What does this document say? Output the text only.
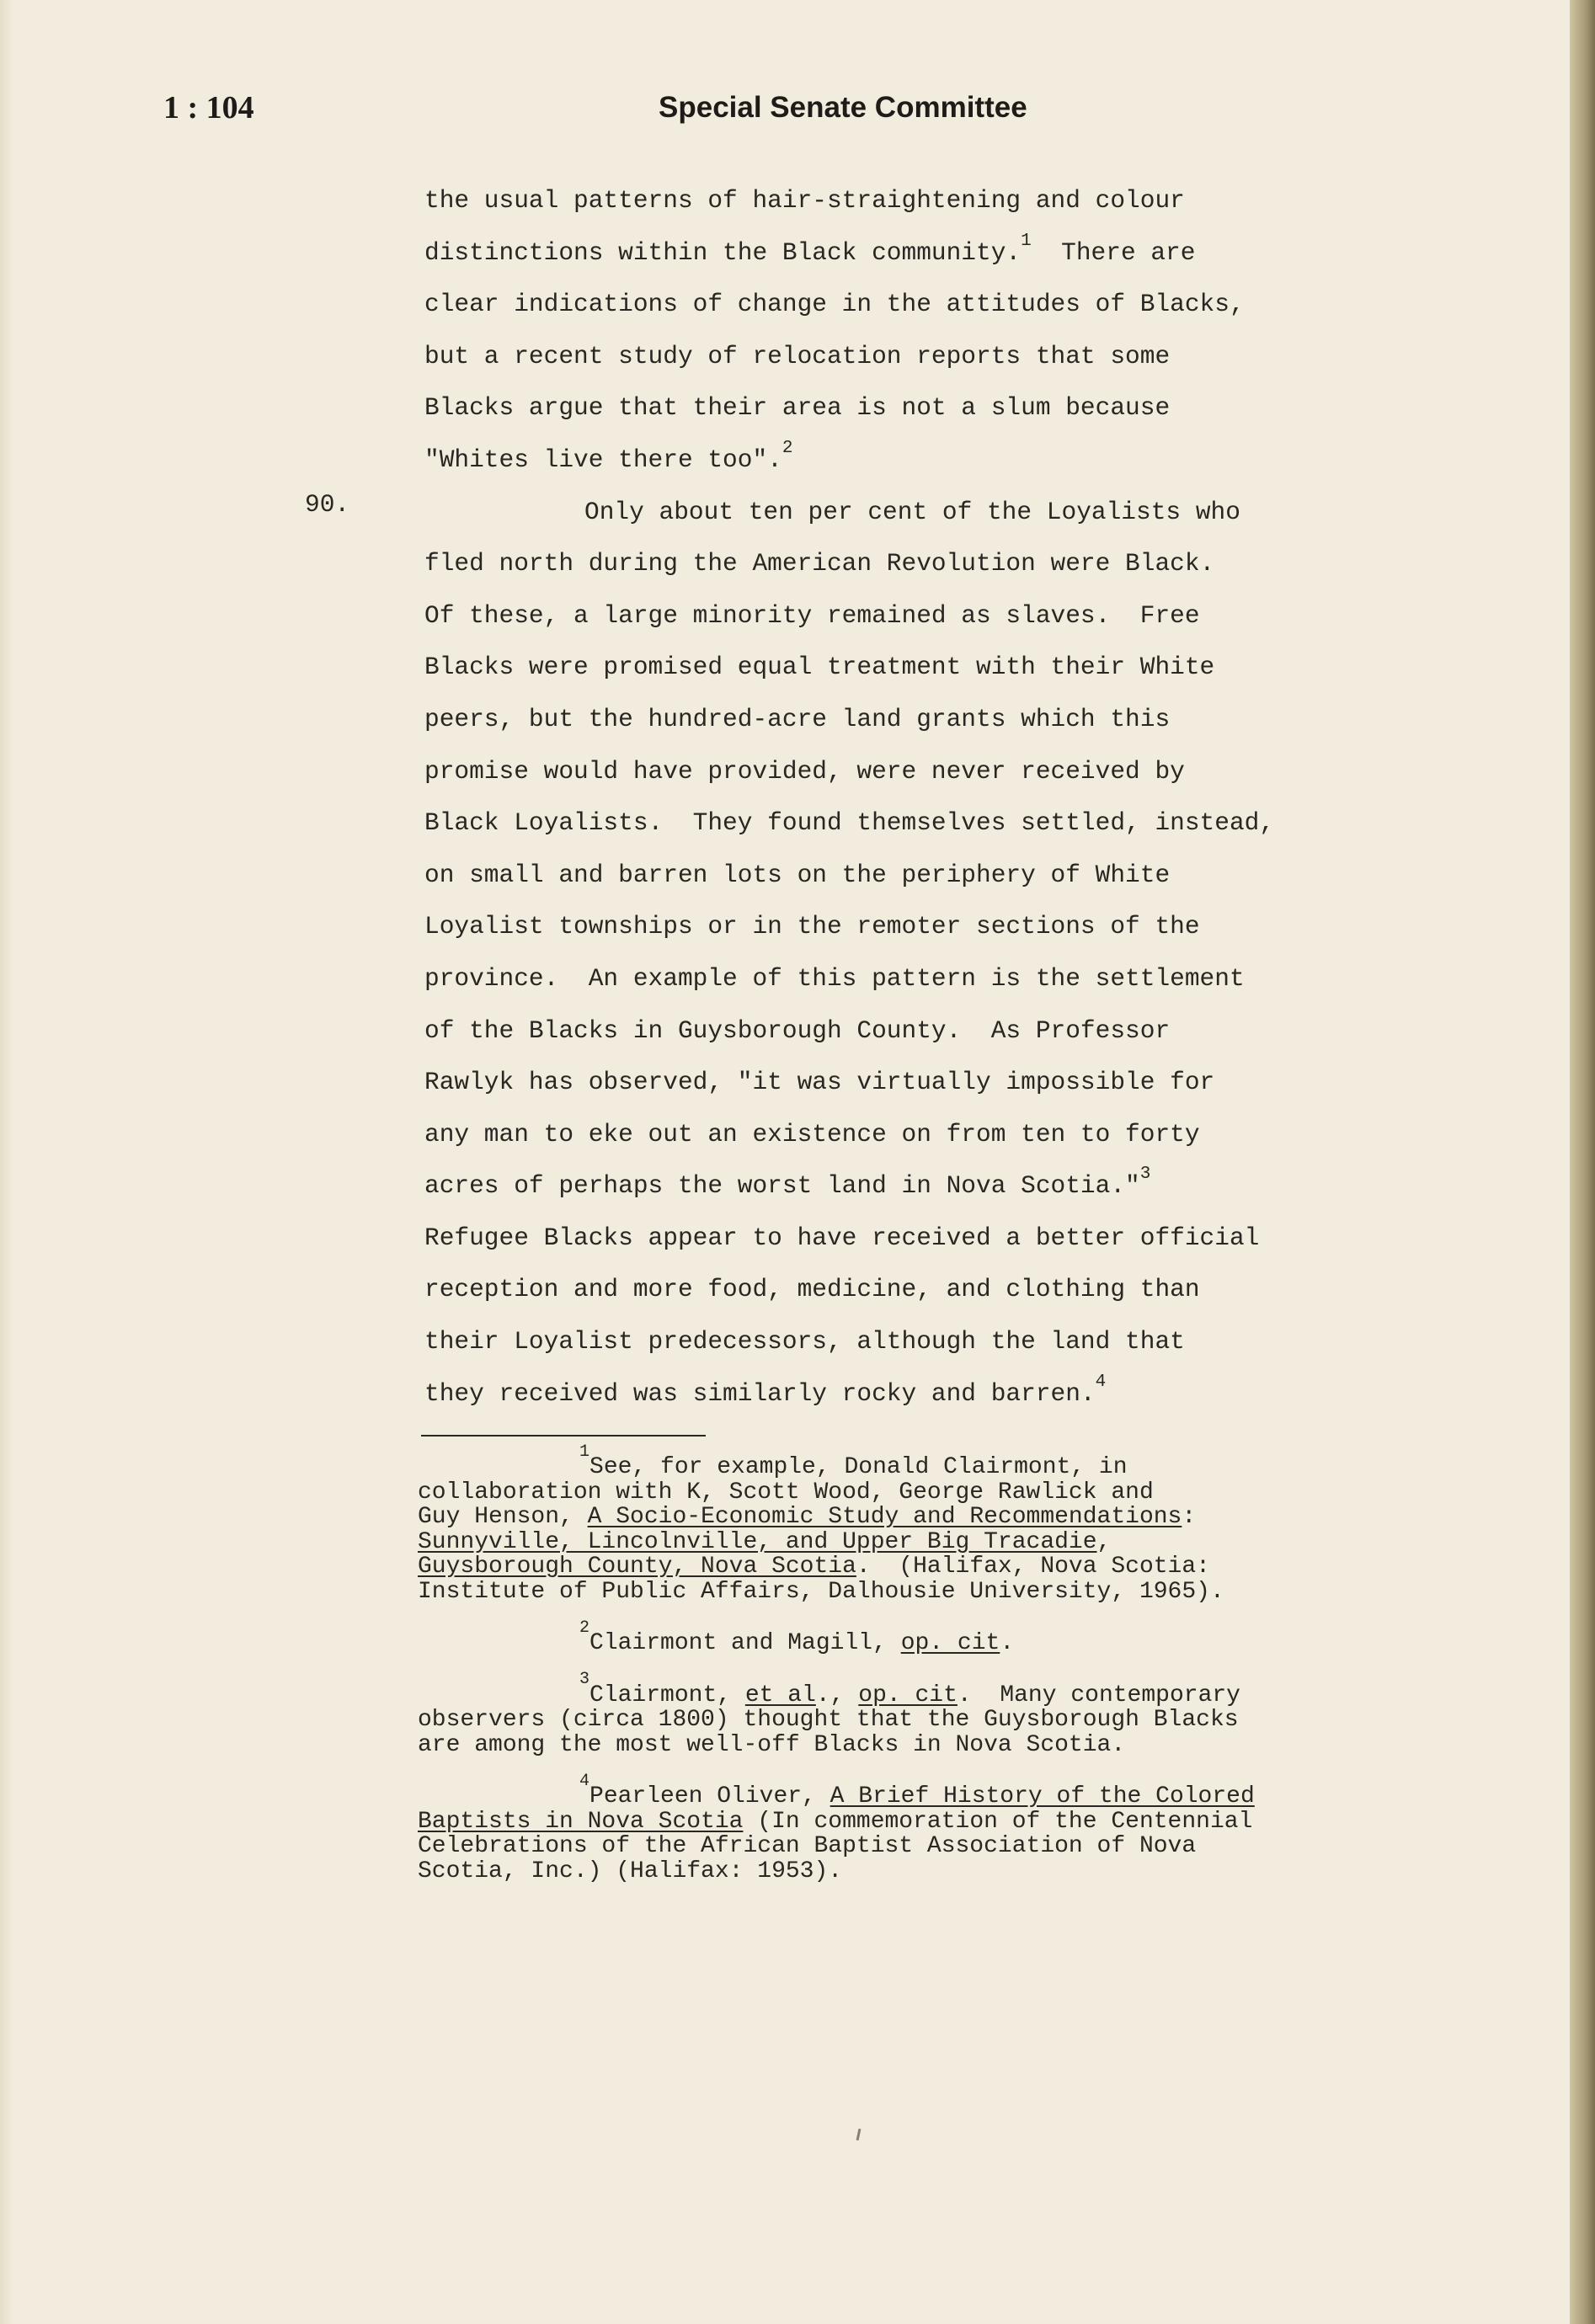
1 : 104	Special Senate Committee
90.
the usual patterns of hair-straightening and colour
distinctions within the Black community.$^1$ There are
clear indications of change in the attitudes of Blacks,
but a recent study of relocation reports that some
Blacks argue that their area is not a slum because
"Whites live there too".$^2$
Only about ten per cent of the Loyalists who
fled north during the American Revolution were Black.
Of these, a large minority remained as slaves.  Free
Blacks were promised equal treatment with their White
peers, but the hundred-acre land grants which this
promise would have provided, were never received by
Black Loyalists.  They found themselves settled, instead,
on small and barren lots on the periphery of White
Loyalist townships or in the remoter sections of the
province.  An example of this pattern is the settlement
of the Blacks in Guysborough County.  As Professor
Rawlyk has observed, "it was virtually impossible for
any man to eke out an existence on from ten to forty
acres of perhaps the worst land in Nova Scotia."$^3$
Refugee Blacks appear to have received a better official
reception and more food, medicine, and clothing than
their Loyalist predecessors, although the land that
they received was similarly rocky and barren.$^4$
$^1$See, for example, Donald Clairmont, in
collaboration with K, Scott Wood, George Rawlick and
Guy Henson, A Socio-Economic Study and Recommendations:
Sunnyville, Lincolnville, and Upper Big Tracadie,
Guysborough County, Nova Scotia.  (Halifax, Nova Scotia:
Institute of Public Affairs, Dalhousie University, 1965).
$^2$Clairmont and Magill, op. cit.
$^3$Clairmont, et al., op. cit.  Many contemporary
observers (circa 1800) thought that the Guysborough Blacks
are among the most well-off Blacks in Nova Scotia.
$^4$Pearleen Oliver, A Brief History of the Colored
Baptists in Nova Scotia (In commemoration of the Centennial
Celebrations of the African Baptist Association of Nova
Scotia, Inc.) (Halifax: 1953).
